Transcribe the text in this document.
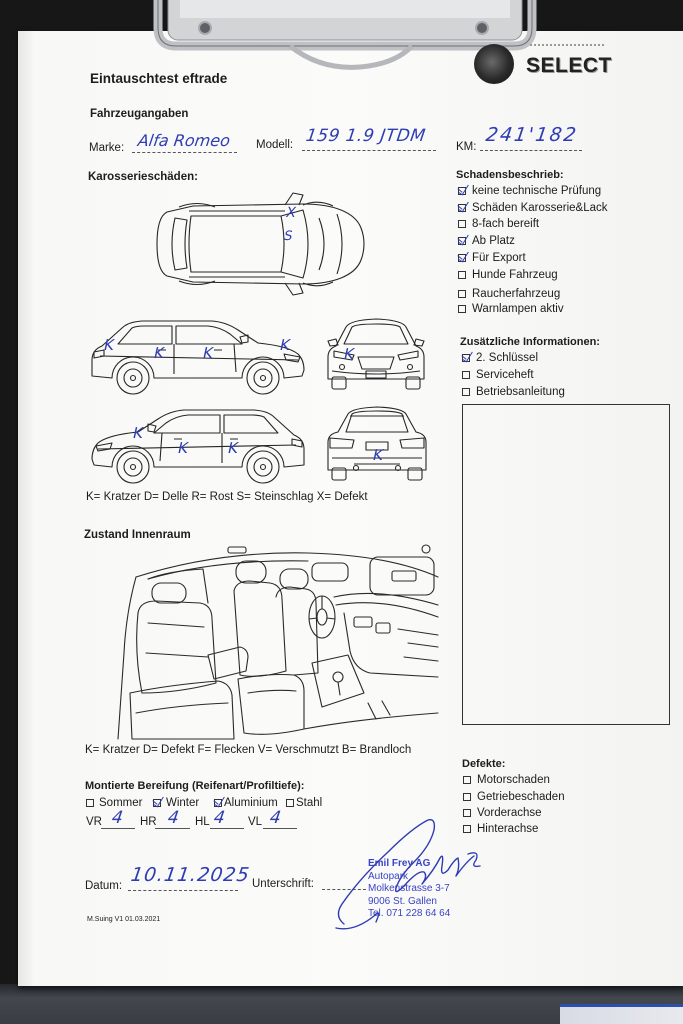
SELECT
Eintauschtest eftrade
Fahrzeugangaben
Marke: Alfa Romeo Modell: 159 1.9 JTDM
KM:
241'182
Karosserieschäden:
X
S
K K K	K	K
K
K K	K
K= Kratzer D= Delle R= Rost S= Steinschlag X= Defekt
Schadensbeschrieb:
keine technische Prüfung
Schäden Karosserie&Lack
8-fach bereift
Ab Platz
Für Export
Hunde Fahrzeug
Raucherfahrzeug
Warnlampen aktiv
Zusätzliche Informationen:
2. Schlüssel
Serviceheft
Betriebsanleitung
Zustand Innenraum
K= Kratzer D= Defekt F= Flecken V= Verschmutzt B= Brandloch
Defekte:
Motorschaden
Getriebeschaden
Vorderachse
Hinterachse
Montierte Bereifung (Reifenart/Profiltiefe):
Sommer Winter Aluminium Stahl
VR 4 HR 4 HL 4 VL 4
Datum: 10.11.2025 Unterschrift:
Emil Frey AG
Autopark
Molkenstrasse 3-7
9006 St. Gallen
Tel. 071 228 64 64
M.Suing V1 01.03.2021
